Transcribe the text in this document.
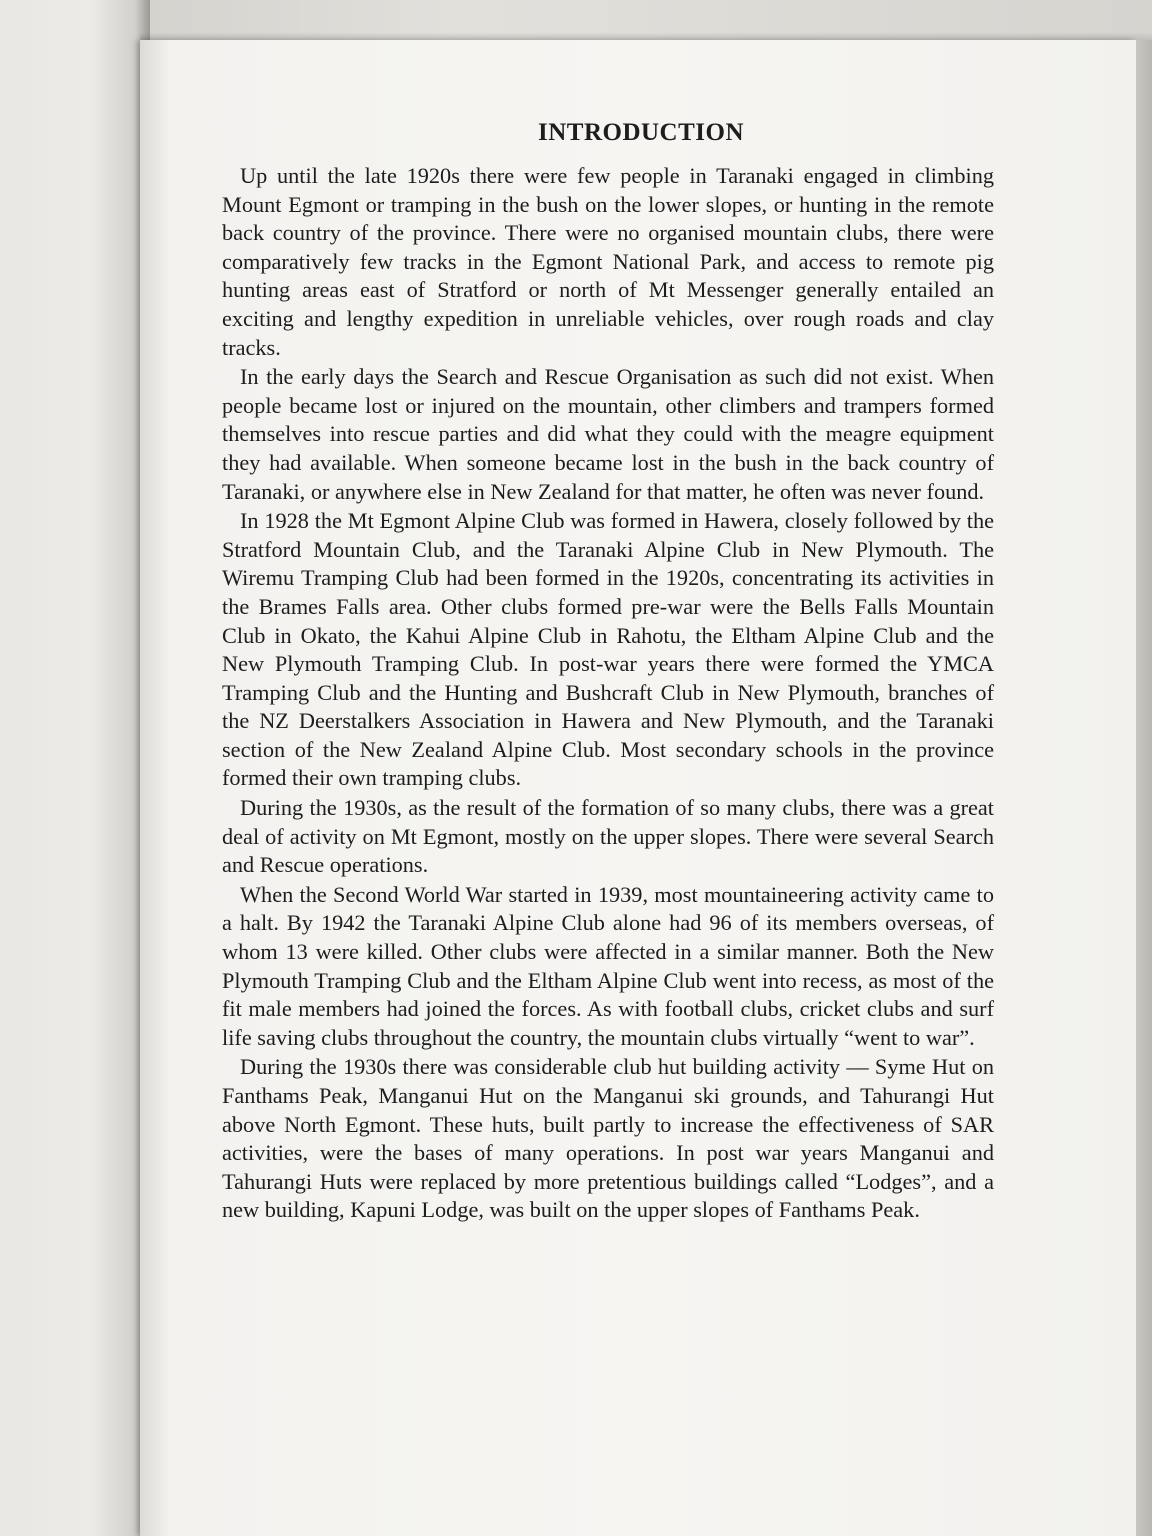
INTRODUCTION

Up until the late 1920s there were few people in Taranaki engaged in climbing Mount Egmont or tramping in the bush on the lower slopes, or hunting in the remote back country of the province. There were no organised mountain clubs, there were comparatively few tracks in the Egmont National Park, and access to remote pig hunting areas east of Stratford or north of Mt Messenger generally entailed an exciting and lengthy expedition in unreliable vehicles, over rough roads and clay tracks.

In the early days the Search and Rescue Organisation as such did not exist. When people became lost or injured on the mountain, other climbers and trampers formed themselves into rescue parties and did what they could with the meagre equipment they had available. When someone became lost in the bush in the back country of Taranaki, or anywhere else in New Zealand for that matter, he often was never found.

In 1928 the Mt Egmont Alpine Club was formed in Hawera, closely followed by the Stratford Mountain Club, and the Taranaki Alpine Club in New Plymouth. The Wiremu Tramping Club had been formed in the 1920s, concentrating its activities in the Brames Falls area. Other clubs formed pre-war were the Bells Falls Mountain Club in Okato, the Kahui Alpine Club in Rahotu, the Eltham Alpine Club and the New Plymouth Tramping Club. In post-war years there were formed the YMCA Tramping Club and the Hunting and Bushcraft Club in New Plymouth, branches of the NZ Deerstalkers Association in Hawera and New Plymouth, and the Taranaki section of the New Zealand Alpine Club. Most secondary schools in the province formed their own tramping clubs.

During the 1930s, as the result of the formation of so many clubs, there was a great deal of activity on Mt Egmont, mostly on the upper slopes. There were several Search and Rescue operations.

When the Second World War started in 1939, most mountaineering activity came to a halt. By 1942 the Taranaki Alpine Club alone had 96 of its members overseas, of whom 13 were killed. Other clubs were affected in a similar manner. Both the New Plymouth Tramping Club and the Eltham Alpine Club went into recess, as most of the fit male members had joined the forces. As with football clubs, cricket clubs and surf life saving clubs throughout the country, the mountain clubs virtually “went to war”.

During the 1930s there was considerable club hut building activity — Syme Hut on Fanthams Peak, Manganui Hut on the Manganui ski grounds, and Tahurangi Hut above North Egmont. These huts, built partly to increase the effectiveness of SAR activities, were the bases of many operations. In post war years Manganui and Tahurangi Huts were replaced by more pretentious buildings called “Lodges”, and a new building, Kapuni Lodge, was built on the upper slopes of Fanthams Peak.
